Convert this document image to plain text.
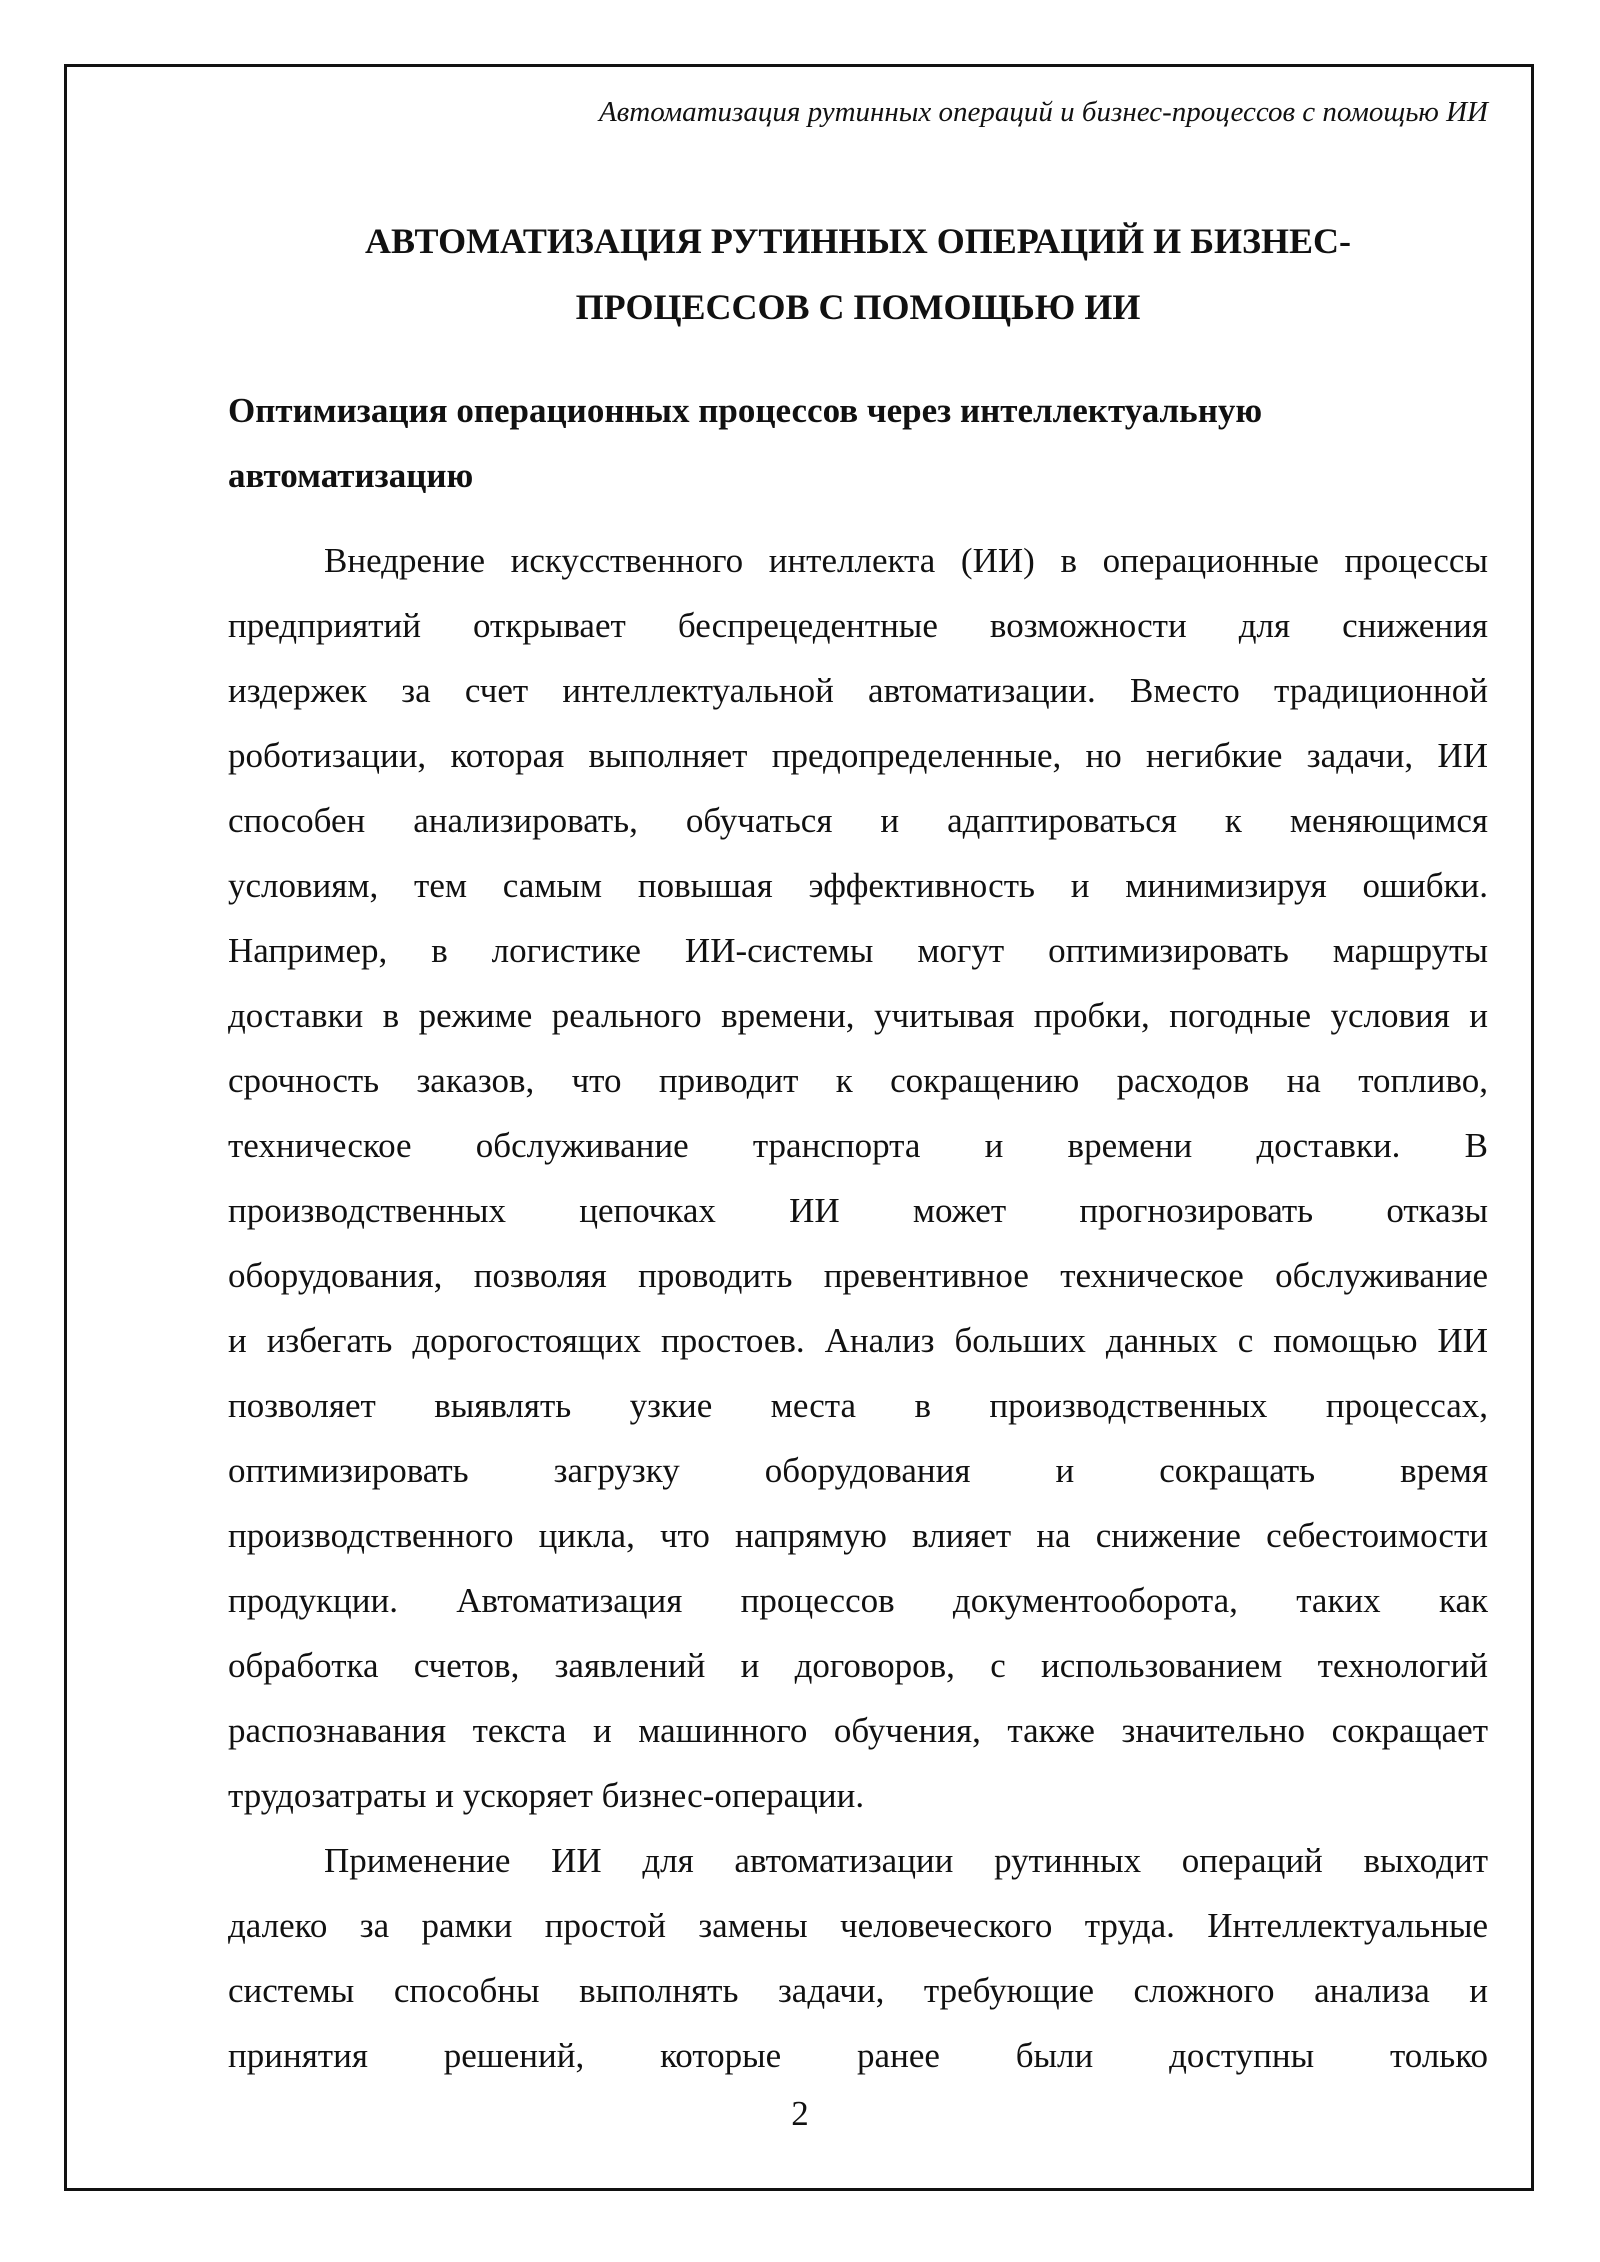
Автоматизация рутинных операций и бизнес-процессов с помощью ИИ
АВТОМАТИЗАЦИЯ РУТИННЫХ ОПЕРАЦИЙ И БИЗНЕС-
ПРОЦЕССОВ С ПОМОЩЬЮ ИИ
Оптимизация операционных процессов через интеллектуальную
автоматизацию
Внедрение искусственного интеллекта (ИИ) в операционные процессы
предприятий открывает беспрецедентные возможности для снижения
издержек за счет интеллектуальной автоматизации. Вместо традиционной
роботизации, которая выполняет предопределенные, но негибкие задачи, ИИ
способен анализировать, обучаться и адаптироваться к меняющимся
условиям, тем самым повышая эффективность и минимизируя ошибки.
Например, в логистике ИИ-системы могут оптимизировать маршруты
доставки в режиме реального времени, учитывая пробки, погодные условия и
срочность заказов, что приводит к сокращению расходов на топливо,
техническое обслуживание транспорта и времени доставки. В
производственных цепочках ИИ может прогнозировать отказы
оборудования, позволяя проводить превентивное техническое обслуживание
и избегать дорогостоящих простоев. Анализ больших данных с помощью ИИ
позволяет выявлять узкие места в производственных процессах,
оптимизировать загрузку оборудования и сокращать время
производственного цикла, что напрямую влияет на снижение себестоимости
продукции. Автоматизация процессов документооборота, таких как
обработка счетов, заявлений и договоров, с использованием технологий
распознавания текста и машинного обучения, также значительно сокращает
трудозатраты и ускоряет бизнес-операции.
Применение ИИ для автоматизации рутинных операций выходит
далеко за рамки простой замены человеческого труда. Интеллектуальные
системы способны выполнять задачи, требующие сложного анализа и
принятия решений, которые ранее были доступны только
2
